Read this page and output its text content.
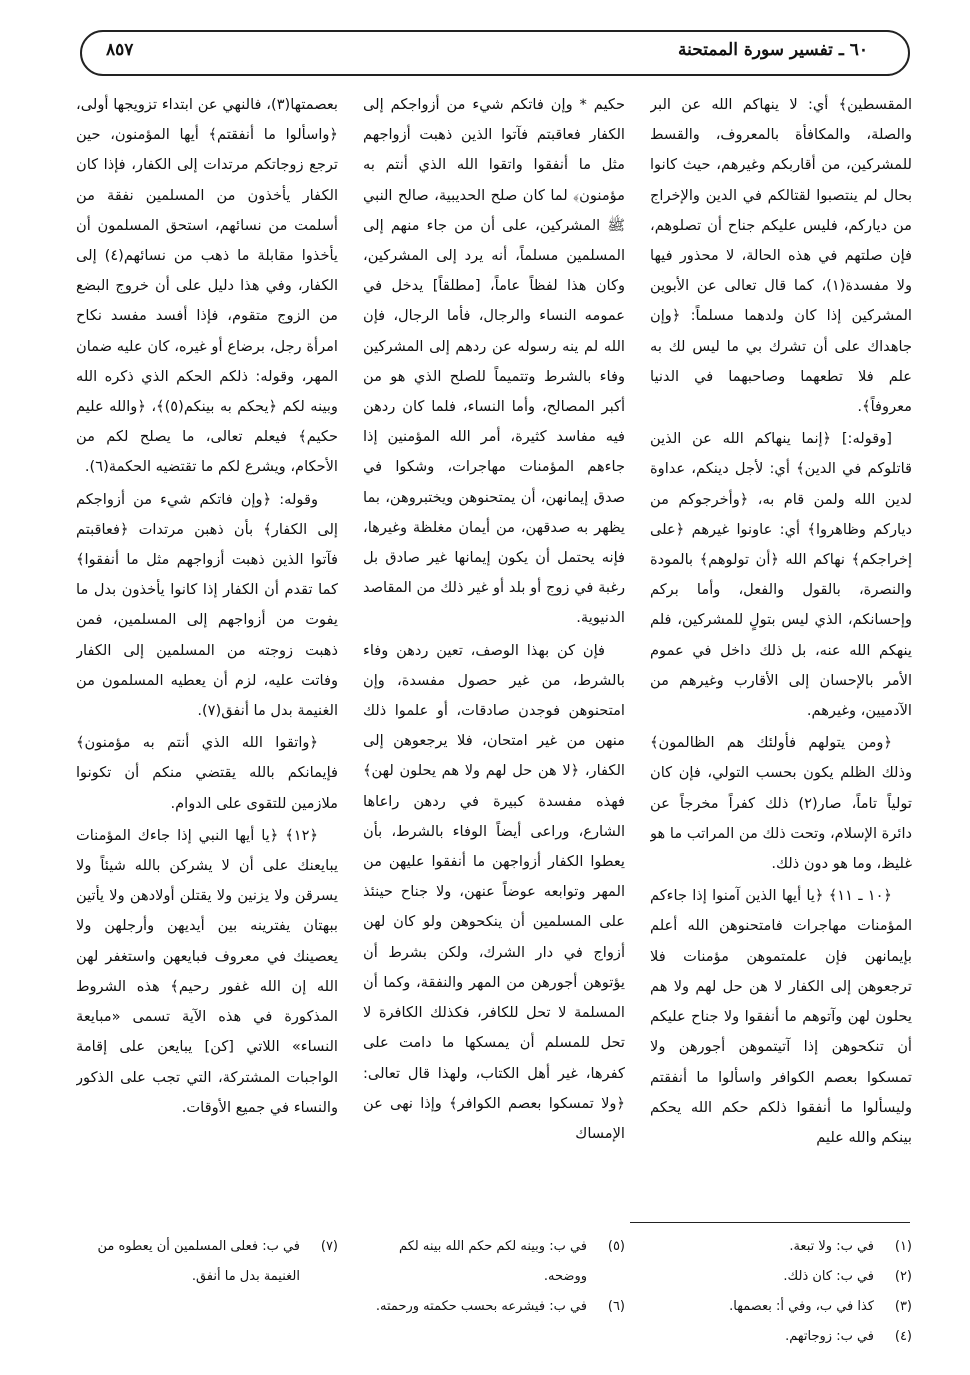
٦٠ ـ تفسير سورة الممتحنة
٨٥٧

المقسطين﴾ أي: لا ينهاكم الله عن البر والصلة، والمكافأة بالمعروف، والقسط للمشركين، من أقاربكم وغيرهم، حيث كانوا بحال لم ينتصبوا لقتالكم في الدين والإخراج من دياركم، فليس عليكم جناح أن تصلوهم، فإن صلتهم في هذه الحالة، لا محذور فيها ولا مفسدة(١)، كما قال تعالى عن الأبوين المشركين إذا كان ولدهما مسلماً: ﴿وإن جاهداك على أن تشرك بي ما ليس لك به علم فلا تطعهما وصاحبهما في الدنيا معروفاً﴾.

[وقوله:] ﴿إنما ينهاكم الله عن الذين قاتلوكم في الدين﴾ أي: لأجل دينكم، عداوة لدين الله ولمن قام به، ﴿وأخرجوكم من دياركم وظاهروا﴾ أي: عاونوا غيرهم ﴿على إخراجكم﴾ نهاكم الله ﴿أن تولوهم﴾ بالمودة والنصرة، بالقول والفعل، وأما بركم وإحسانكم، الذي ليس بتولٍ للمشركين، فلم ينهكم الله عنه، بل ذلك داخل في عموم الأمر بالإحسان إلى الأقارب وغيرهم من الآدميين، وغيرهم.

﴿ومن يتولهم فأولئك هم الظالمون﴾ وذلك الظلم يكون بحسب التولي، فإن كان تولياً تاماً، صار(٢) ذلك كفراً مخرجاً عن دائرة الإسلام، وتحت ذلك من المراتب ما هو غليظ، وما هو دون ذلك.

﴿١٠ ـ ١١﴾ ﴿يا أيها الذين آمنوا إذا جاءكم المؤمنات مهاجرات فامتحنوهن الله أعلم بإيمانهن فإن علمتموهن مؤمنات فلا ترجعوهن إلى الكفار لا هن حل لهم ولا هم يحلون لهن وآتوهم ما أنفقوا ولا جناح عليكم أن تنكحوهن إذا آتيتموهن أجورهن ولا تمسكوا بعصم الكوافر واسألوا ما أنفقتم وليسألوا ما أنفقوا ذلكم حكم الله يحكم بينكم والله عليم

حكيم * وإن فاتكم شيء من أزواجكم إلى الكفار فعاقبتم فآتوا الذين ذهبت أزواجهم مثل ما أنفقوا واتقوا الله الذي أنتم به مؤمنون﴾ لما كان صلح الحديبية، صالح النبي ﷺ المشركين، على أن من جاء منهم إلى المسلمين مسلماً، أنه يرد إلى المشركين، وكان هذا لفظاً عاماً، [مطلقاً] يدخل في عمومه النساء والرجال، فأما الرجال، فإن الله لم ينه رسوله عن ردهم إلى المشركين وفاء بالشرط وتتميماً للصلح الذي هو من أكبر المصالح، وأما النساء، فلما كان ردهن فيه مفاسد كثيرة، أمر الله المؤمنين إذا جاءهم المؤمنات مهاجرات، وشكوا في صدق إيمانهن، أن يمتحنوهن ويختبروهن، بما يظهر به صدقهن، من أيمان مغلظة وغيرها، فإنه يحتمل أن يكون إيمانها غير صادق بل رغبة في زوج أو بلد أو غير ذلك من المقاصد الدنيوية.

فإن كن بهذا الوصف، تعين ردهن وفاء بالشرط، من غير حصول مفسدة، وإن امتحنوهن فوجدن صادقات، أو علموا ذلك منهن من غير امتحان، فلا يرجعوهن إلى الكفار، ﴿لا هن حل لهم ولا هم يحلون لهن﴾ فهذه مفسدة كبيرة في ردهن راعاها الشارع، وراعى أيضاً الوفاء بالشرط، بأن يعطوا الكفار أزواجهن ما أنفقوا عليهن من المهر وتوابعه عوضاً عنهن، ولا جناح حينئذ على المسلمين أن ينكحوهن ولو كان لهن أزواج في دار الشرك، ولكن بشرط أن يؤتوهن أجورهن من المهر والنفقة، وكما أن المسلمة لا تحل للكافر، فكذلك الكافرة لا تحل للمسلم أن يمسكها ما دامت على كفرها، غير أهل الكتاب، ولهذا قال تعالى: ﴿ولا تمسكوا بعصم الكوافر﴾ وإذا نهى عن الإمساك

بعصمتها(٣)، فالنهي عن ابتداء تزويجها أولى، ﴿واسألوا ما أنفقتم﴾ أيها المؤمنون، حين ترجع زوجاتكم مرتدات إلى الكفار، فإذا كان الكفار يأخذون من المسلمين نفقة من أسلمت من نسائهم، استحق المسلمون أن يأخذوا مقابلة ما ذهب من نسائهم(٤) إلى الكفار، وفي هذا دليل على أن خروج البضع من الزوج متقوم، فإذا أفسد مفسد نكاح امرأة رجل، برضاع أو غيره، كان عليه ضمان المهر، وقوله: ذلكم الحكم الذي ذكره الله وبينه لكم ﴿يحكم به بينكم(٥)﴾، ﴿والله عليم حكيم﴾ فيعلم تعالى، ما يصلح لكم من الأحكام، ويشرع لكم ما تقتضيه الحكمة(٦).

وقوله: ﴿وإن فاتكم شيء من أزواجكم إلى الكفار﴾ بأن ذهبن مرتدات ﴿فعاقبتم فآتوا الذين ذهبت أزواجهم مثل ما أنفقوا﴾ كما تقدم أن الكفار إذا كانوا يأخذون بدل ما يفوت من أزواجهم إلى المسلمين، فمن ذهبت زوجته من المسلمين إلى الكفار وفاتت عليه، لزم أن يعطيه المسلمون من الغنيمة بدل ما أنفق(٧).

﴿واتقوا الله الذي أنتم به مؤمنون﴾ فإيمانكم بالله يقتضي منكم أن تكونوا ملازمين للتقوى على الدوام.

﴿١٢﴾ ﴿يا أيها النبي إذا جاءك المؤمنات يبايعنك على أن لا يشركن بالله شيئاً ولا يسرقن ولا يزنين ولا يقتلن أولادهن ولا يأتين ببهتان يفترينه بين أيديهن وأرجلهن ولا يعصينك في معروف فبايعهن واستغفر لهن الله إن الله غفور رحيم﴾ هذه الشروط المذكورة في هذه الآية تسمى «مبايعة النساء» اللاتي [كن] يبايعن على إقامة الواجبات المشتركة، التي تجب على الذكور والنساء في جميع الأوقات.

(١)
في ب: ولا تبعة.
(٢)
في ب: كان ذلك.
(٣)
كذا في ب، وفي أ: بعصمها.
(٤)
في ب: زوجاتهم.
(٥)
في ب: وبينه لكم حكم الله بينه لكم ووضحه.
(٦)
في ب: فيشرعه بحسب حكمته ورحمته.
(٧)
في ب: فعلى المسلمين أن يعطوه من الغنيمة بدل ما أنفق.
